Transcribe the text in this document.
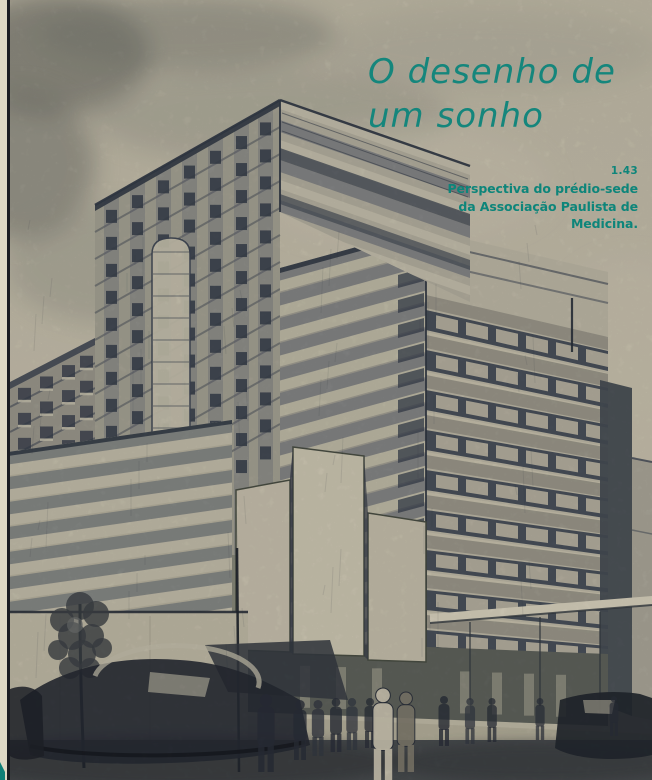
O desenho de
um sonho
1.43
Perspectiva do prédio-sede
da Associação Paulista de
Medicina.
